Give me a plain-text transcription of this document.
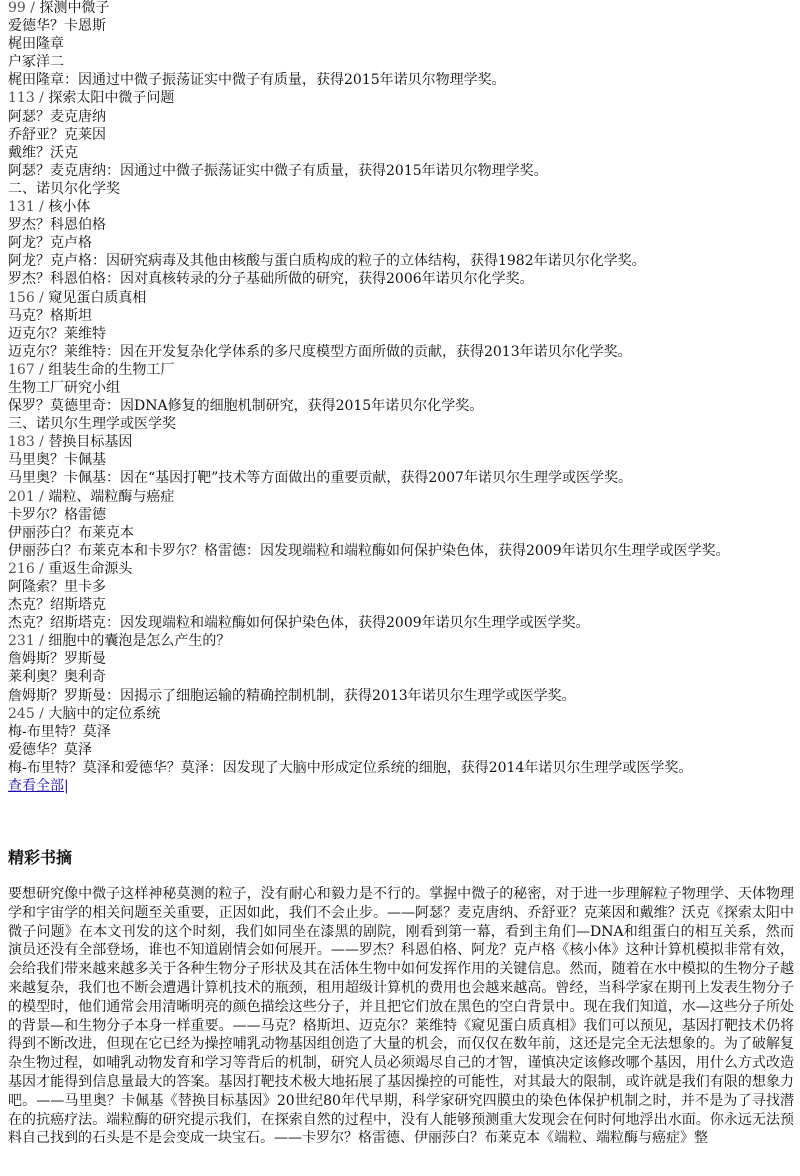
99 / 探测中微子
爱德华？卡恩斯
梶田隆章
户冢洋二
梶田隆章：因通过中微子振荡证实中微子有质量，获得2015年诺贝尔物理学奖。
113 / 探索太阳中微子问题
阿瑟？麦克唐纳
乔舒亚？克莱因
戴维？沃克
阿瑟？麦克唐纳：因通过中微子振荡证实中微子有质量，获得2015年诺贝尔物理学奖。
二、诺贝尔化学奖
131 / 核小体
罗杰？科恩伯格
阿龙？克卢格
阿龙？克卢格：因研究病毒及其他由核酸与蛋白质构成的粒子的立体结构，获得1982年诺贝尔化学奖。
罗杰？科恩伯格：因对真核转录的分子基础所做的研究，获得2006年诺贝尔化学奖。
156 / 窥见蛋白质真相
马克？格斯坦
迈克尔？莱维特
迈克尔？莱维特：因在开发复杂化学体系的多尺度模型方面所做的贡献，获得2013年诺贝尔化学奖。
167 / 组装生命的生物工厂
生物工厂研究小组
保罗？莫德里奇：因DNA修复的细胞机制研究，获得2015年诺贝尔化学奖。
三、诺贝尔生理学或医学奖
183 / 替换目标基因
马里奥？卡佩基
马里奥？卡佩基：因在“基因打靶”技术等方面做出的重要贡献，获得2007年诺贝尔生理学或医学奖。
201 / 端粒、端粒酶与癌症
卡罗尔？格雷德
伊丽莎白？布莱克本
伊丽莎白？布莱克本和卡罗尔？格雷德：因发现端粒和端粒酶如何保护染色体，获得2009年诺贝尔生理学或医学奖。
216 / 重返生命源头
阿隆索？里卡多
杰克？绍斯塔克
杰克？绍斯塔克：因发现端粒和端粒酶如何保护染色体，获得2009年诺贝尔生理学或医学奖。
231 / 细胞中的囊泡是怎么产生的？
詹姆斯？罗斯曼
莱利奥？奥利奇
詹姆斯？罗斯曼：因揭示了细胞运输的精确控制机制，获得2013年诺贝尔生理学或医学奖。
245 / 大脑中的定位系统
梅-布里特？莫泽
爱德华？莫泽
梅-布里特？莫泽和爱德华？莫泽：因发现了大脑中形成定位系统的细胞，获得2014年诺贝尔生理学或医学奖。
查看全部|
精彩书摘

要想研究像中微子这样神秘莫测的粒子，没有耐心和毅力是不行的。掌握中微子的秘密，对于进一步理解粒子物理学、天体物理学和宇宙学的相关问题至关重要，正因如此，我们不会止步。——阿瑟？麦克唐纳、乔舒亚？克莱因和戴维？沃克《探索太阳中微子问题》在本文刊发的这个时刻，我们如同坐在漆黑的剧院，刚看到第一幕，看到主角们—DNA和组蛋白的相互关系，然而演员还没有全部登场，谁也不知道剧情会如何展开。——罗杰？科恩伯格、阿龙？克卢格《核小体》这种计算机模拟非常有效，会给我们带来越来越多关于各种生物分子形状及其在活体生物中如何发挥作用的关键信息。然而，随着在水中模拟的生物分子越来越复杂，我们也不断会遭遇计算机技术的瓶颈，租用超级计算机的费用也会越来越高。曾经，当科学家在期刊上发表生物分子的模型时，他们通常会用清晰明亮的颜色描绘这些分子，并且把它们放在黑色的空白背景中。现在我们知道，水—这些分子所处的背景—和生物分子本身一样重要。——马克？格斯坦、迈克尔？莱维特《窥见蛋白质真相》我们可以预见，基因打靶技术仍将得到不断改进，但现在它已经为操控哺乳动物基因组创造了大量的机会，而仅仅在数年前，这还是完全无法想象的。为了破解复杂生物过程，如哺乳动物发育和学习等背后的机制，研究人员必须竭尽自己的才智，谨慎决定该修改哪个基因，用什么方式改造基因才能得到信息量最大的答案。基因打靶技术极大地拓展了基因操控的可能性，对其最大的限制，或许就是我们有限的想象力吧。——马里奥？卡佩基《替换目标基因》20世纪80年代早期，科学家研究四膜虫的染色体保护机制之时，并不是为了寻找潜在的抗癌疗法。端粒酶的研究提示我们，在探索自然的过程中，没有人能够预测重大发现会在何时何地浮出水面。你永远无法预料自己找到的石头是不是会变成一块宝石。——卡罗尔？格雷德、伊丽莎白？布莱克本《端粒、端粒酶与癌症》整
